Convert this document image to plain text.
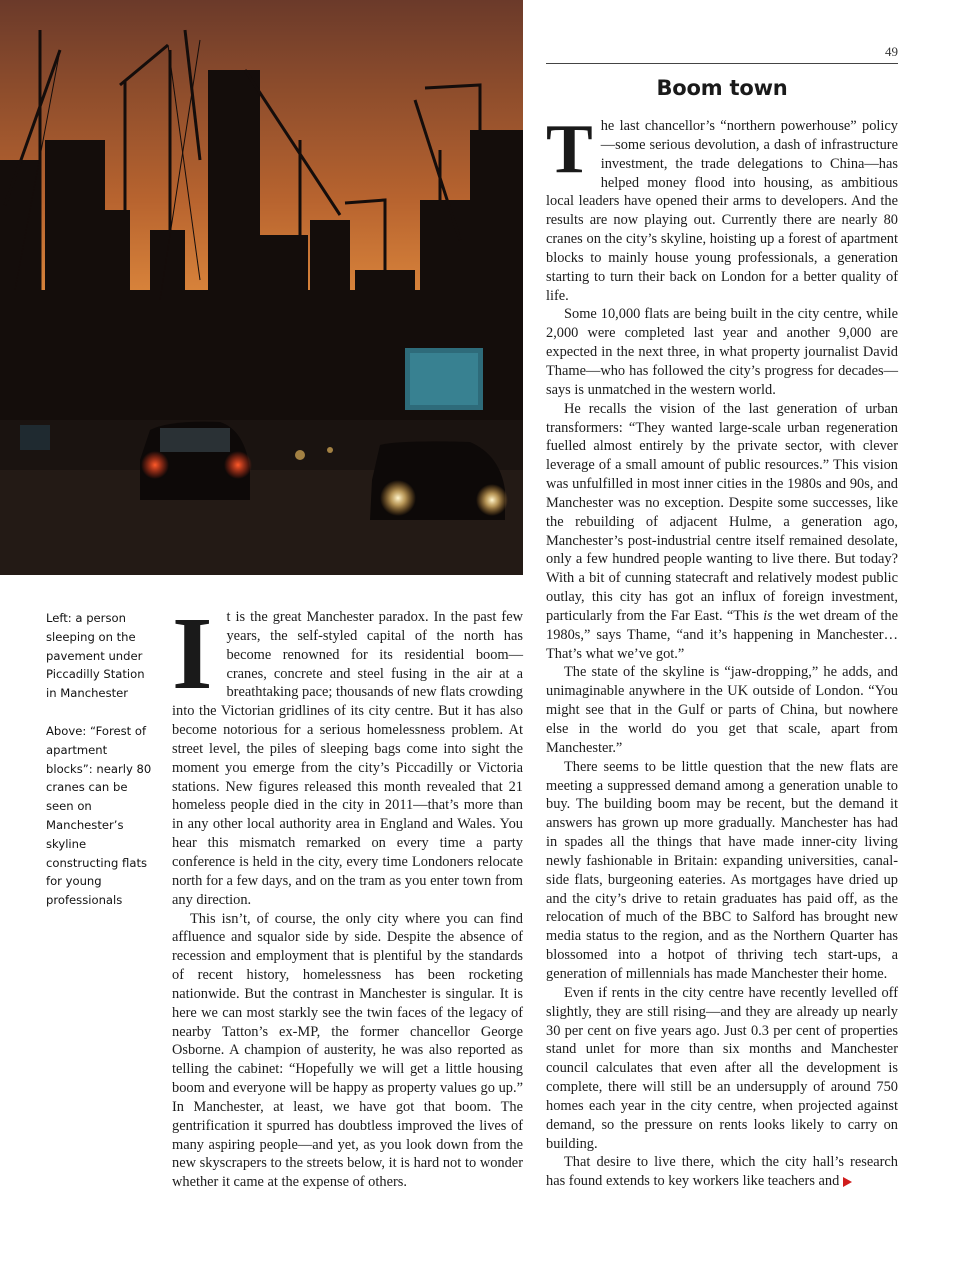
49
Boom town
Left: a person sleeping on the pavement under Piccadilly Station in Manchester
Above: “Forest of apartment blocks”: nearly 80 cranes can be seen on Manchester’s skyline constructing flats for young professionals

It is the great Manchester paradox. In the past few years, the self-styled capital of the north has become renowned for its residential boom—cranes, concrete and steel fusing in the air at a breathtaking pace; thousands of new flats crowding into the Victorian gridlines of its city centre. But it has also become notorious for a serious homelessness problem. At street level, the piles of sleeping bags come into sight the moment you emerge from the city’s Piccadilly or Victoria stations. New figures released this month revealed that 21 homeless people died in the city in 2011—that’s more than in any other local authority area in England and Wales. You hear this mismatch remarked on every time a party conference is held in the city, every time Londoners relocate north for a few days, and on the tram as you enter town from any direction.

This isn’t, of course, the only city where you can find affluence and squalor side by side. Despite the absence of recession and employment that is plentiful by the standards of recent history, homelessness has been rocketing nationwide. But the contrast in Manchester is singular. It is here we can most starkly see the twin faces of the legacy of nearby Tatton’s ex-MP, the former chancellor George Osborne. A champion of austerity, he was also reported as telling the cabinet: “Hopefully we will get a little housing boom and everyone will be happy as property values go up.” In Manchester, at least, we have got that boom. The gentrification it spurred has doubtless improved the lives of many aspiring people—and yet, as you look down from the new skyscrapers to the streets below, it is hard not to wonder whether it came at the expense of others.

The last chancellor’s “northern powerhouse” policy—some serious devolution, a dash of infrastructure investment, the trade delegations to China—has helped money flood into housing, as ambitious local leaders have opened their arms to developers. And the results are now playing out. Currently there are nearly 80 cranes on the city’s skyline, hoisting up a forest of apartment blocks to mainly house young professionals, a generation starting to turn their back on London for a better quality of life.

Some 10,000 flats are being built in the city centre, while 2,000 were completed last year and another 9,000 are expected in the next three, in what property journalist David Thame—who has followed the city’s progress for decades—says is unmatched in the western world.

He recalls the vision of the last generation of urban transformers: “They wanted large-scale urban regeneration fuelled almost entirely by the private sector, with clever leverage of a small amount of public resources.” This vision was unfulfilled in most inner cities in the 1980s and 90s, and Manchester was no exception. Despite some successes, like the rebuilding of adjacent Hulme, a generation ago, Manchester’s post-industrial centre itself remained desolate, only a few hundred people wanting to live there. But today? With a bit of cunning statecraft and relatively modest public outlay, this city has got an influx of foreign investment, particularly from the Far East. “This is the wet dream of the 1980s,” says Thame, “and it’s happening in Manchester… That’s what we’ve got.”

The state of the skyline is “jaw-dropping,” he adds, and unimaginable anywhere in the UK outside of London. “You might see that in the Gulf or parts of China, but nowhere else in the world do you get that scale, apart from Manchester.”

There seems to be little question that the new flats are meeting a suppressed demand among a generation unable to buy. The building boom may be recent, but the demand it answers has grown up more gradually. Manchester has had in spades all the things that have made inner-city living newly fashionable in Britain: expanding universities, canal-side flats, burgeoning eateries. As mortgages have dried up and the city’s drive to retain graduates has paid off, as the relocation of much of the BBC to Salford has brought new media status to the region, and as the Northern Quarter has blossomed into a hotpot of thriving tech start-ups, a generation of millennials has made Manchester their home.

Even if rents in the city centre have recently levelled off slightly, they are still rising—and they are already up nearly 30 per cent on five years ago. Just 0.3 per cent of properties stand unlet for more than six months and Manchester council calculates that even after all the development is complete, there will still be an undersupply of around 750 homes each year in the city centre, when projected against demand, so the pressure on rents looks likely to carry on building.

That desire to live there, which the city hall’s research has found extends to key workers like teachers and
